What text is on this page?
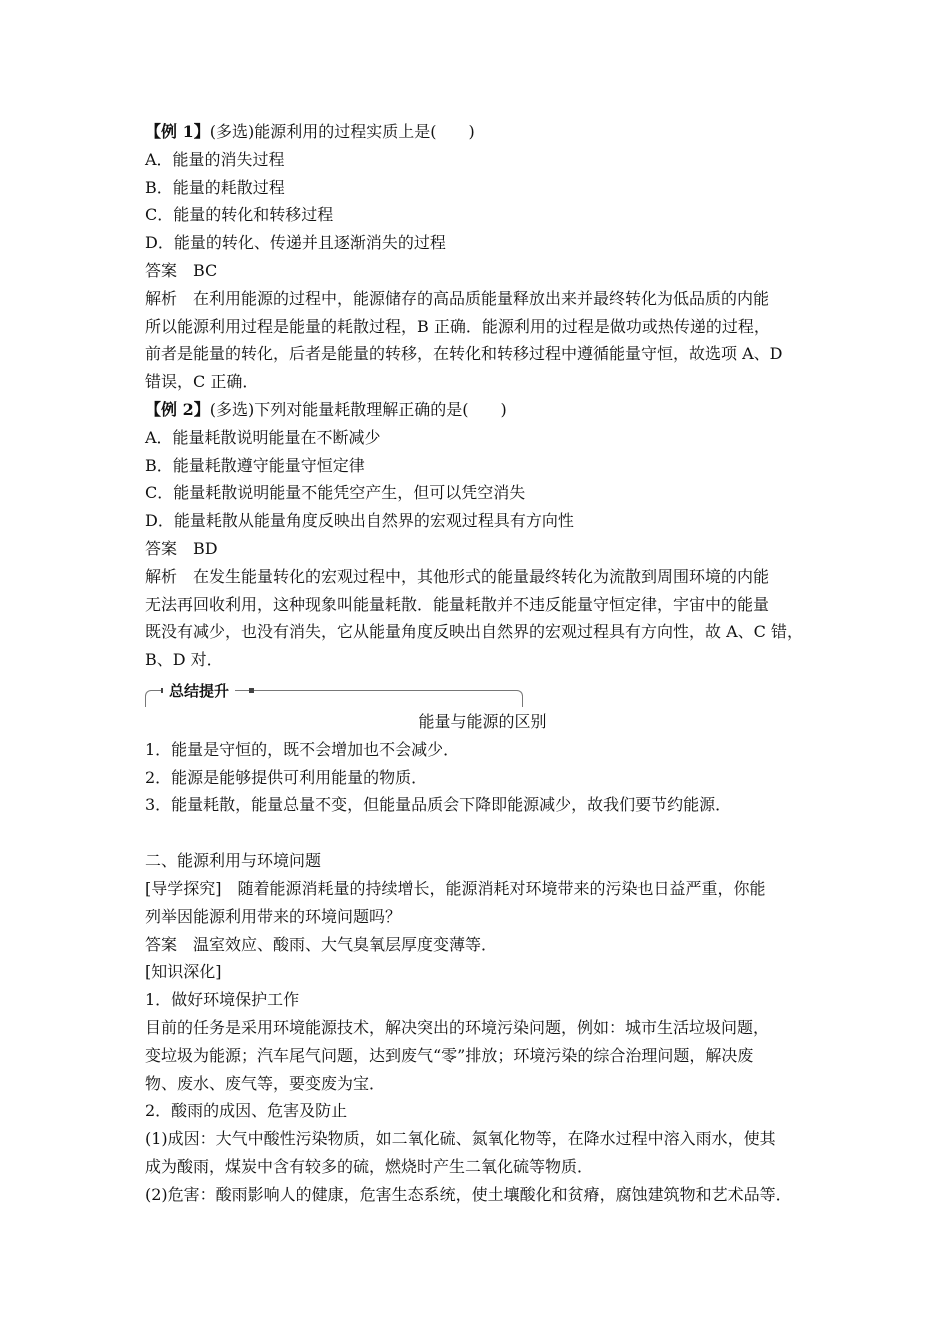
【例 1】(多选)能源利用的过程实质上是(　　)
A．能量的消失过程
B．能量的耗散过程
C．能量的转化和转移过程
D．能量的转化、传递并且逐渐消失的过程
答案　BC
解析　在利用能源的过程中，能源储存的高品质能量释放出来并最终转化为低品质的内能
所以能源利用过程是能量的耗散过程，B 正确．能源利用的过程是做功或热传递的过程，
前者是能量的转化，后者是能量的转移，在转化和转移过程中遵循能量守恒，故选项 A、D
错误，C 正确．
【例 2】(多选)下列对能量耗散理解正确的是(　　)
A．能量耗散说明能量在不断减少
B．能量耗散遵守能量守恒定律
C．能量耗散说明能量不能凭空产生，但可以凭空消失
D．能量耗散从能量角度反映出自然界的宏观过程具有方向性
答案　BD
解析　在发生能量转化的宏观过程中，其他形式的能量最终转化为流散到周围环境的内能
无法再回收利用，这种现象叫能量耗散．能量耗散并不违反能量守恒定律，宇宙中的能量
既没有减少，也没有消失，它从能量角度反映出自然界的宏观过程具有方向性，故 A、C 错，
B、D 对．
总结提升
能量与能源的区别
1．能量是守恒的，既不会增加也不会减少．
2．能源是能够提供可利用能量的物质．
3．能量耗散，能量总量不变，但能量品质会下降即能源减少，故我们要节约能源．
二、能源利用与环境问题
[导学探究]　随着能源消耗量的持续增长，能源消耗对环境带来的污染也日益严重，你能
列举因能源利用带来的环境问题吗？
答案　温室效应、酸雨、大气臭氧层厚度变薄等．
[知识深化]
1．做好环境保护工作
目前的任务是采用环境能源技术，解决突出的环境污染问题，例如：城市生活垃圾问题，
变垃圾为能源；汽车尾气问题，达到废气“零”排放；环境污染的综合治理问题，解决废
物、废水、废气等，要变废为宝．
2．酸雨的成因、危害及防止
(1)成因：大气中酸性污染物质，如二氧化硫、氮氧化物等，在降水过程中溶入雨水，使其
成为酸雨，煤炭中含有较多的硫，燃烧时产生二氧化硫等物质．
(2)危害：酸雨影响人的健康，危害生态系统，使土壤酸化和贫瘠，腐蚀建筑物和艺术品等．
